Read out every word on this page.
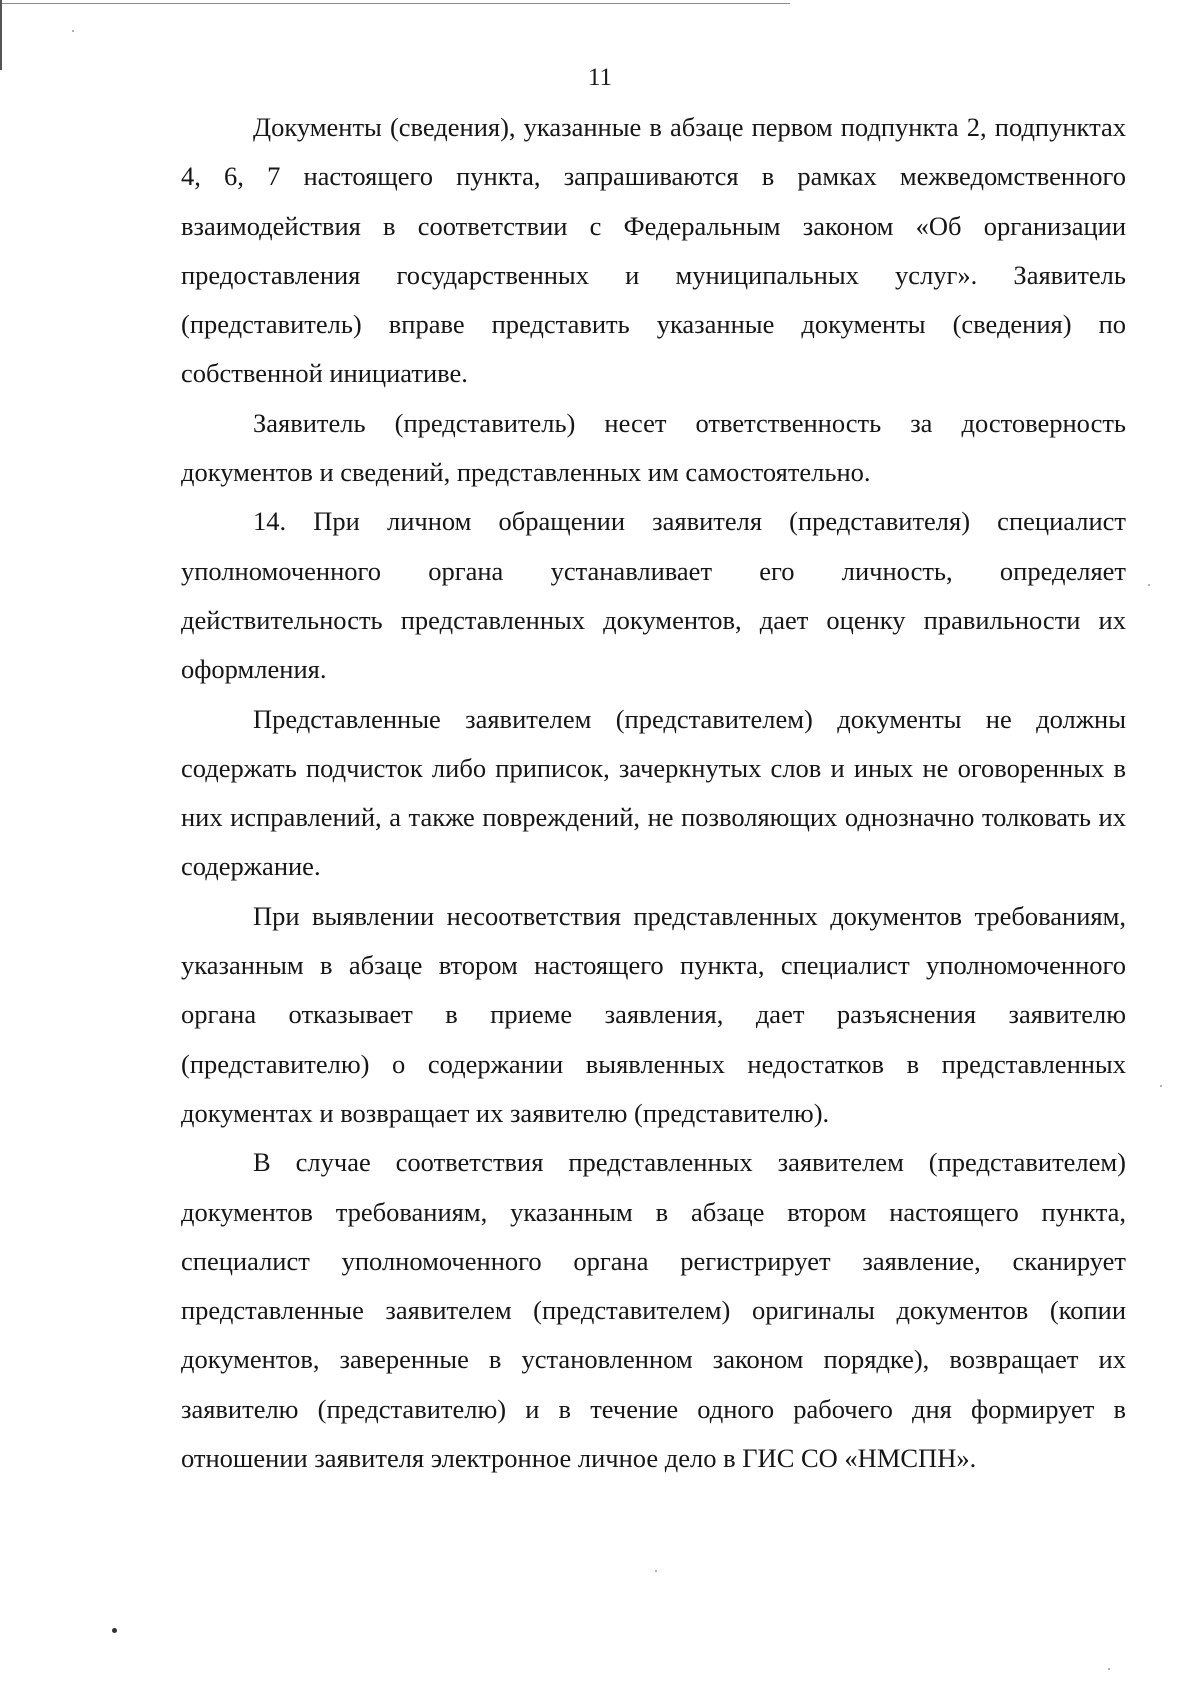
11

Документы (сведения), указанные в абзаце первом подпункта 2, подпунктах 4, 6, 7 настоящего пункта, запрашиваются в рамках межведомственного взаимодействия в соответствии с Федеральным законом «Об организации предоставления государственных и муниципальных услуг». Заявитель (представитель) вправе представить указанные документы (сведения) по собственной инициативе.

Заявитель (представитель) несет ответственность за достоверность документов и сведений, представленных им самостоятельно.

14. При личном обращении заявителя (представителя) специалист уполномоченного органа устанавливает его личность, определяет действительность представленных документов, дает оценку правильности их оформления.

Представленные заявителем (представителем) документы не должны содержать подчисток либо приписок, зачеркнутых слов и иных не оговоренных в них исправлений, а также повреждений, не позволяющих однозначно толковать их содержание.

При выявлении несоответствия представленных документов требованиям, указанным в абзаце втором настоящего пункта, специалист уполномоченного органа отказывает в приеме заявления, дает разъяснения заявителю (представителю) о содержании выявленных недостатков в представленных документах и возвращает их заявителю (представителю).

В случае соответствия представленных заявителем (представителем) документов требованиям, указанным в абзаце втором настоящего пункта, специалист уполномоченного органа регистрирует заявление, сканирует представленные заявителем (представителем) оригиналы документов (копии документов, заверенные в установленном законом порядке), возвращает их заявителю (представителю) и в течение одного рабочего дня формирует в отношении заявителя электронное личное дело в ГИС СО «НМСПН».
